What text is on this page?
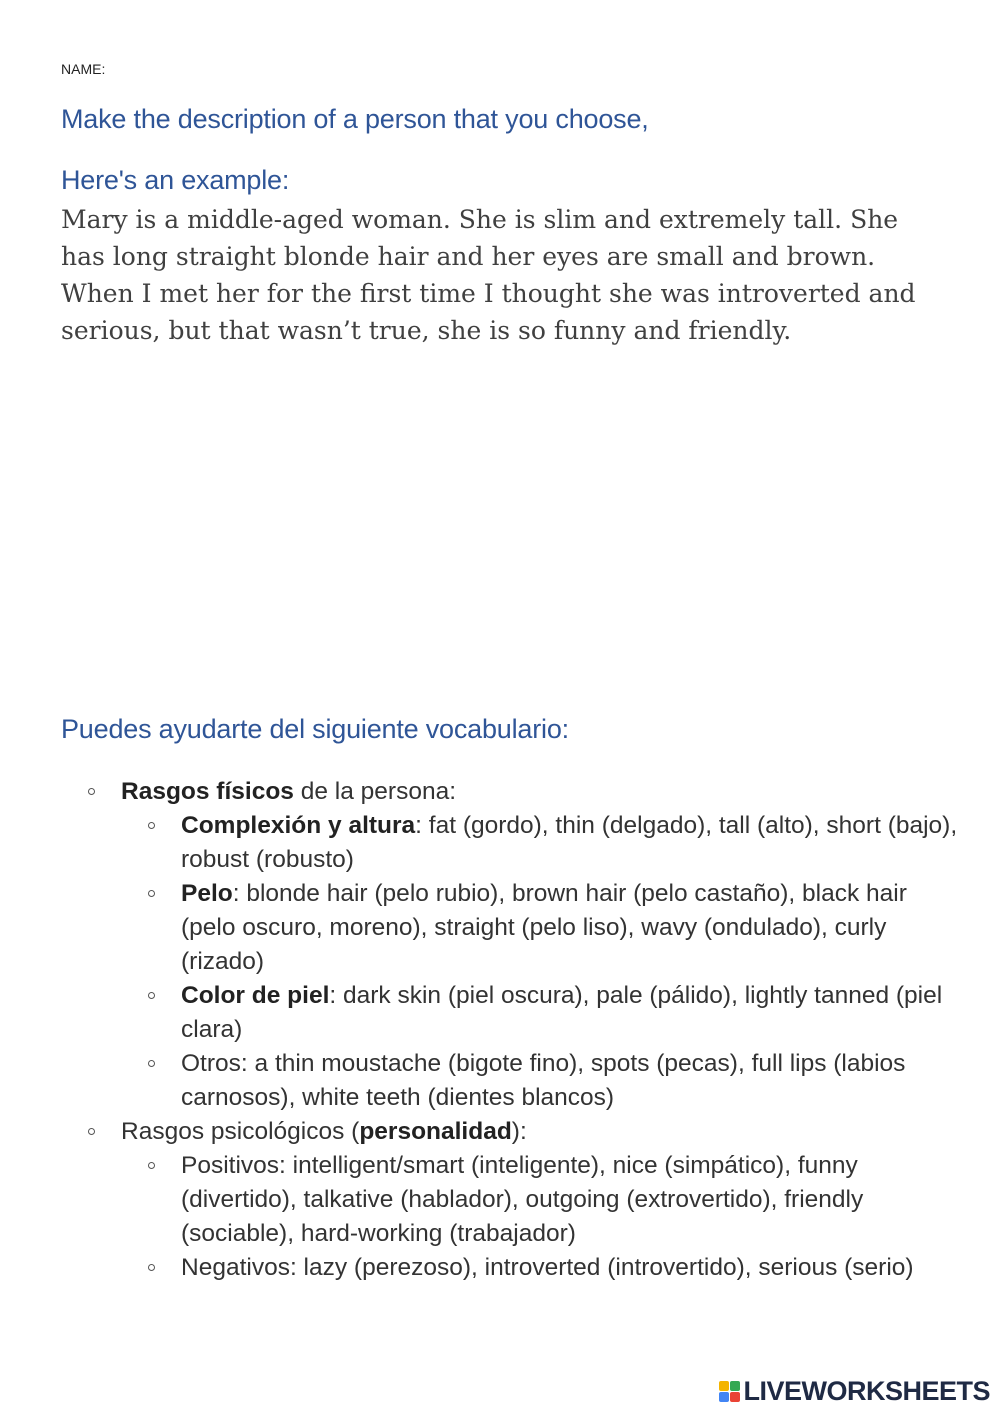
NAME:
Make the description of a person that you choose,
Here's an example:
Mary is a middle-aged woman. She is slim and extremely tall. She has long straight blonde hair and her eyes are small and brown. When I met her for the first time I thought she was introverted and serious, but that wasn’t true, she is so funny and friendly.
Puedes ayudarte del siguiente vocabulario:
Rasgos físicos de la persona:
Complexión y altura: fat (gordo), thin (delgado), tall (alto), short (bajo), robust (robusto)
Pelo: blonde hair (pelo rubio), brown hair (pelo castaño), black hair (pelo oscuro, moreno), straight (pelo liso), wavy (ondulado), curly (rizado)
Color de piel: dark skin (piel oscura), pale (pálido), lightly tanned (piel clara)
Otros: a thin moustache (bigote fino), spots (pecas), full lips (labios carnosos), white teeth (dientes blancos)
Rasgos psicológicos (personalidad):
Positivos: intelligent/smart (inteligente), nice (simpático), funny (divertido), talkative (hablador), outgoing (extrovertido), friendly (sociable), hard-working (trabajador)
Negativos: lazy (perezoso), introverted (introvertido), serious (serio)
LIVEWORKSHEETS
